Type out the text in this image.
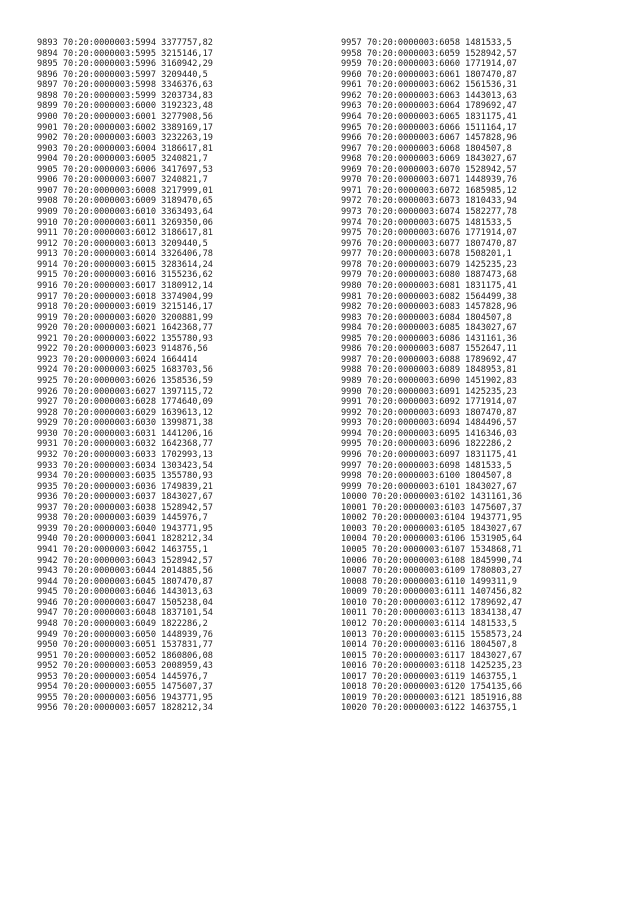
9893 70:20:0000003:5994 3377757,82
9894 70:20:0000003:5995 3215146,17
9895 70:20:0000003:5996 3160942,29
9896 70:20:0000003:5997 3209440,5
9897 70:20:0000003:5998 3346376,63
9898 70:20:0000003:5999 3203734,83
9899 70:20:0000003:6000 3192323,48
9900 70:20:0000003:6001 3277908,56
9901 70:20:0000003:6002 3389169,17
9902 70:20:0000003:6003 3232263,19
9903 70:20:0000003:6004 3186617,81
9904 70:20:0000003:6005 3240821,7
9905 70:20:0000003:6006 3417697,53
9906 70:20:0000003:6007 3240821,7
9907 70:20:0000003:6008 3217999,01
9908 70:20:0000003:6009 3189470,65
9909 70:20:0000003:6010 3363493,64
9910 70:20:0000003:6011 3269350,06
9911 70:20:0000003:6012 3186617,81
9912 70:20:0000003:6013 3209440,5
9913 70:20:0000003:6014 3326406,78
9914 70:20:0000003:6015 3283614,24
9915 70:20:0000003:6016 3155236,62
9916 70:20:0000003:6017 3180912,14
9917 70:20:0000003:6018 3374904,99
9918 70:20:0000003:6019 3215146,17
9919 70:20:0000003:6020 3200881,99
9920 70:20:0000003:6021 1642368,77
9921 70:20:0000003:6022 1355780,93
9922 70:20:0000003:6023 914876,56
9923 70:20:0000003:6024 1664414
9924 70:20:0000003:6025 1683703,56
9925 70:20:0000003:6026 1358536,59
9926 70:20:0000003:6027 1397115,72
9927 70:20:0000003:6028 1774640,09
9928 70:20:0000003:6029 1639613,12
9929 70:20:0000003:6030 1399871,38
9930 70:20:0000003:6031 1441206,16
9931 70:20:0000003:6032 1642368,77
9932 70:20:0000003:6033 1702993,13
9933 70:20:0000003:6034 1303423,54
9934 70:20:0000003:6035 1355780,93
9935 70:20:0000003:6036 1749839,21
9936 70:20:0000003:6037 1843027,67
9937 70:20:0000003:6038 1528942,57
9938 70:20:0000003:6039 1445976,7
9939 70:20:0000003:6040 1943771,95
9940 70:20:0000003:6041 1828212,34
9941 70:20:0000003:6042 1463755,1
9942 70:20:0000003:6043 1528942,57
9943 70:20:0000003:6044 2014885,56
9944 70:20:0000003:6045 1807470,87
9945 70:20:0000003:6046 1443013,63
9946 70:20:0000003:6047 1505238,04
9947 70:20:0000003:6048 1837101,54
9948 70:20:0000003:6049 1822286,2
9949 70:20:0000003:6050 1448939,76
9950 70:20:0000003:6051 1537831,77
9951 70:20:0000003:6052 1860806,08
9952 70:20:0000003:6053 2008959,43
9953 70:20:0000003:6054 1445976,7
9954 70:20:0000003:6055 1475607,37
9955 70:20:0000003:6056 1943771,95
9956 70:20:0000003:6057 1828212,34
9957 70:20:0000003:6058 1481533,5
9958 70:20:0000003:6059 1528942,57
9959 70:20:0000003:6060 1771914,07
9960 70:20:0000003:6061 1807470,87
9961 70:20:0000003:6062 1561536,31
9962 70:20:0000003:6063 1443013,63
9963 70:20:0000003:6064 1789692,47
9964 70:20:0000003:6065 1831175,41
9965 70:20:0000003:6066 1511164,17
9966 70:20:0000003:6067 1457828,96
9967 70:20:0000003:6068 1804507,8
9968 70:20:0000003:6069 1843027,67
9969 70:20:0000003:6070 1528942,57
9970 70:20:0000003:6071 1448939,76
9971 70:20:0000003:6072 1685985,12
9972 70:20:0000003:6073 1810433,94
9973 70:20:0000003:6074 1582277,78
9974 70:20:0000003:6075 1481533,5
9975 70:20:0000003:6076 1771914,07
9976 70:20:0000003:6077 1807470,87
9977 70:20:0000003:6078 1508201,1
9978 70:20:0000003:6079 1425235,23
9979 70:20:0000003:6080 1887473,68
9980 70:20:0000003:6081 1831175,41
9981 70:20:0000003:6082 1564499,38
9982 70:20:0000003:6083 1457828,96
9983 70:20:0000003:6084 1804507,8
9984 70:20:0000003:6085 1843027,67
9985 70:20:0000003:6086 1431161,36
9986 70:20:0000003:6087 1552647,11
9987 70:20:0000003:6088 1789692,47
9988 70:20:0000003:6089 1848953,81
9989 70:20:0000003:6090 1451902,83
9990 70:20:0000003:6091 1425235,23
9991 70:20:0000003:6092 1771914,07
9992 70:20:0000003:6093 1807470,87
9993 70:20:0000003:6094 1484496,57
9994 70:20:0000003:6095 1416346,03
9995 70:20:0000003:6096 1822286,2
9996 70:20:0000003:6097 1831175,41
9997 70:20:0000003:6098 1481533,5
9998 70:20:0000003:6100 1804507,8
9999 70:20:0000003:6101 1843027,67
10000 70:20:0000003:6102 1431161,36
10001 70:20:0000003:6103 1475607,37
10002 70:20:0000003:6104 1943771,95
10003 70:20:0000003:6105 1843027,67
10004 70:20:0000003:6106 1531905,64
10005 70:20:0000003:6107 1534868,71
10006 70:20:0000003:6108 1845990,74
10007 70:20:0000003:6109 1780803,27
10008 70:20:0000003:6110 1499311,9
10009 70:20:0000003:6111 1407456,82
10010 70:20:0000003:6112 1789692,47
10011 70:20:0000003:6113 1834138,47
10012 70:20:0000003:6114 1481533,5
10013 70:20:0000003:6115 1558573,24
10014 70:20:0000003:6116 1804507,8
10015 70:20:0000003:6117 1843027,67
10016 70:20:0000003:6118 1425235,23
10017 70:20:0000003:6119 1463755,1
10018 70:20:0000003:6120 1754135,66
10019 70:20:0000003:6121 1851916,88
10020 70:20:0000003:6122 1463755,1
